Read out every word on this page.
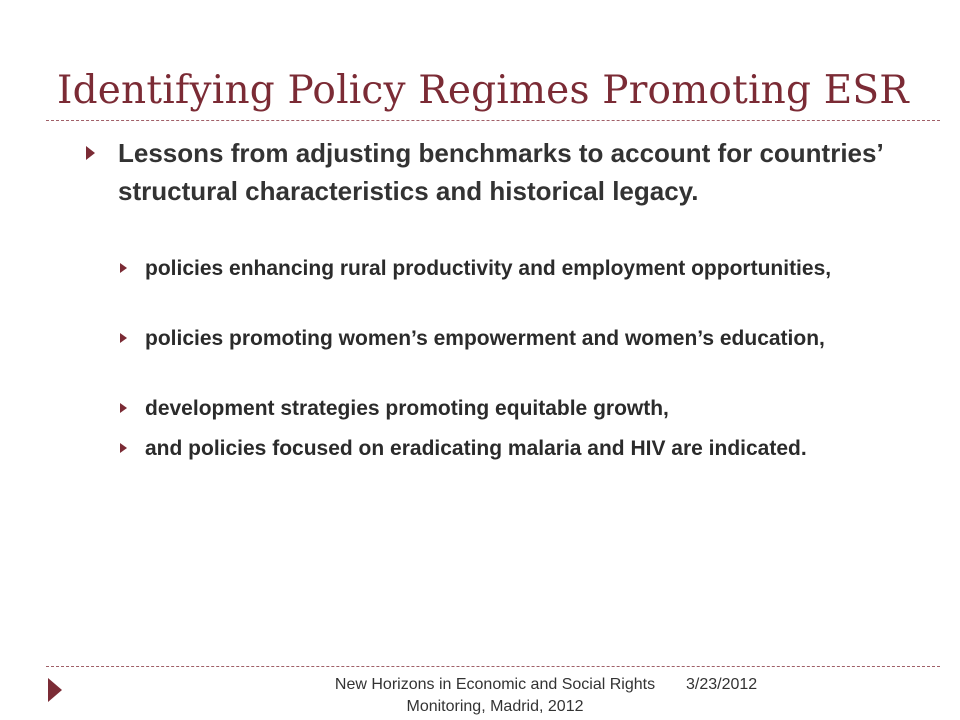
Identifying Policy Regimes Promoting ESR
Lessons from adjusting benchmarks to account for countries’ structural characteristics and historical legacy.
policies enhancing rural productivity and employment opportunities,
policies promoting women’s empowerment and women’s education,
development strategies promoting equitable growth,
and policies focused on eradicating malaria and HIV are indicated.
New Horizons in Economic and Social Rights Monitoring, Madrid, 2012
3/23/2012
